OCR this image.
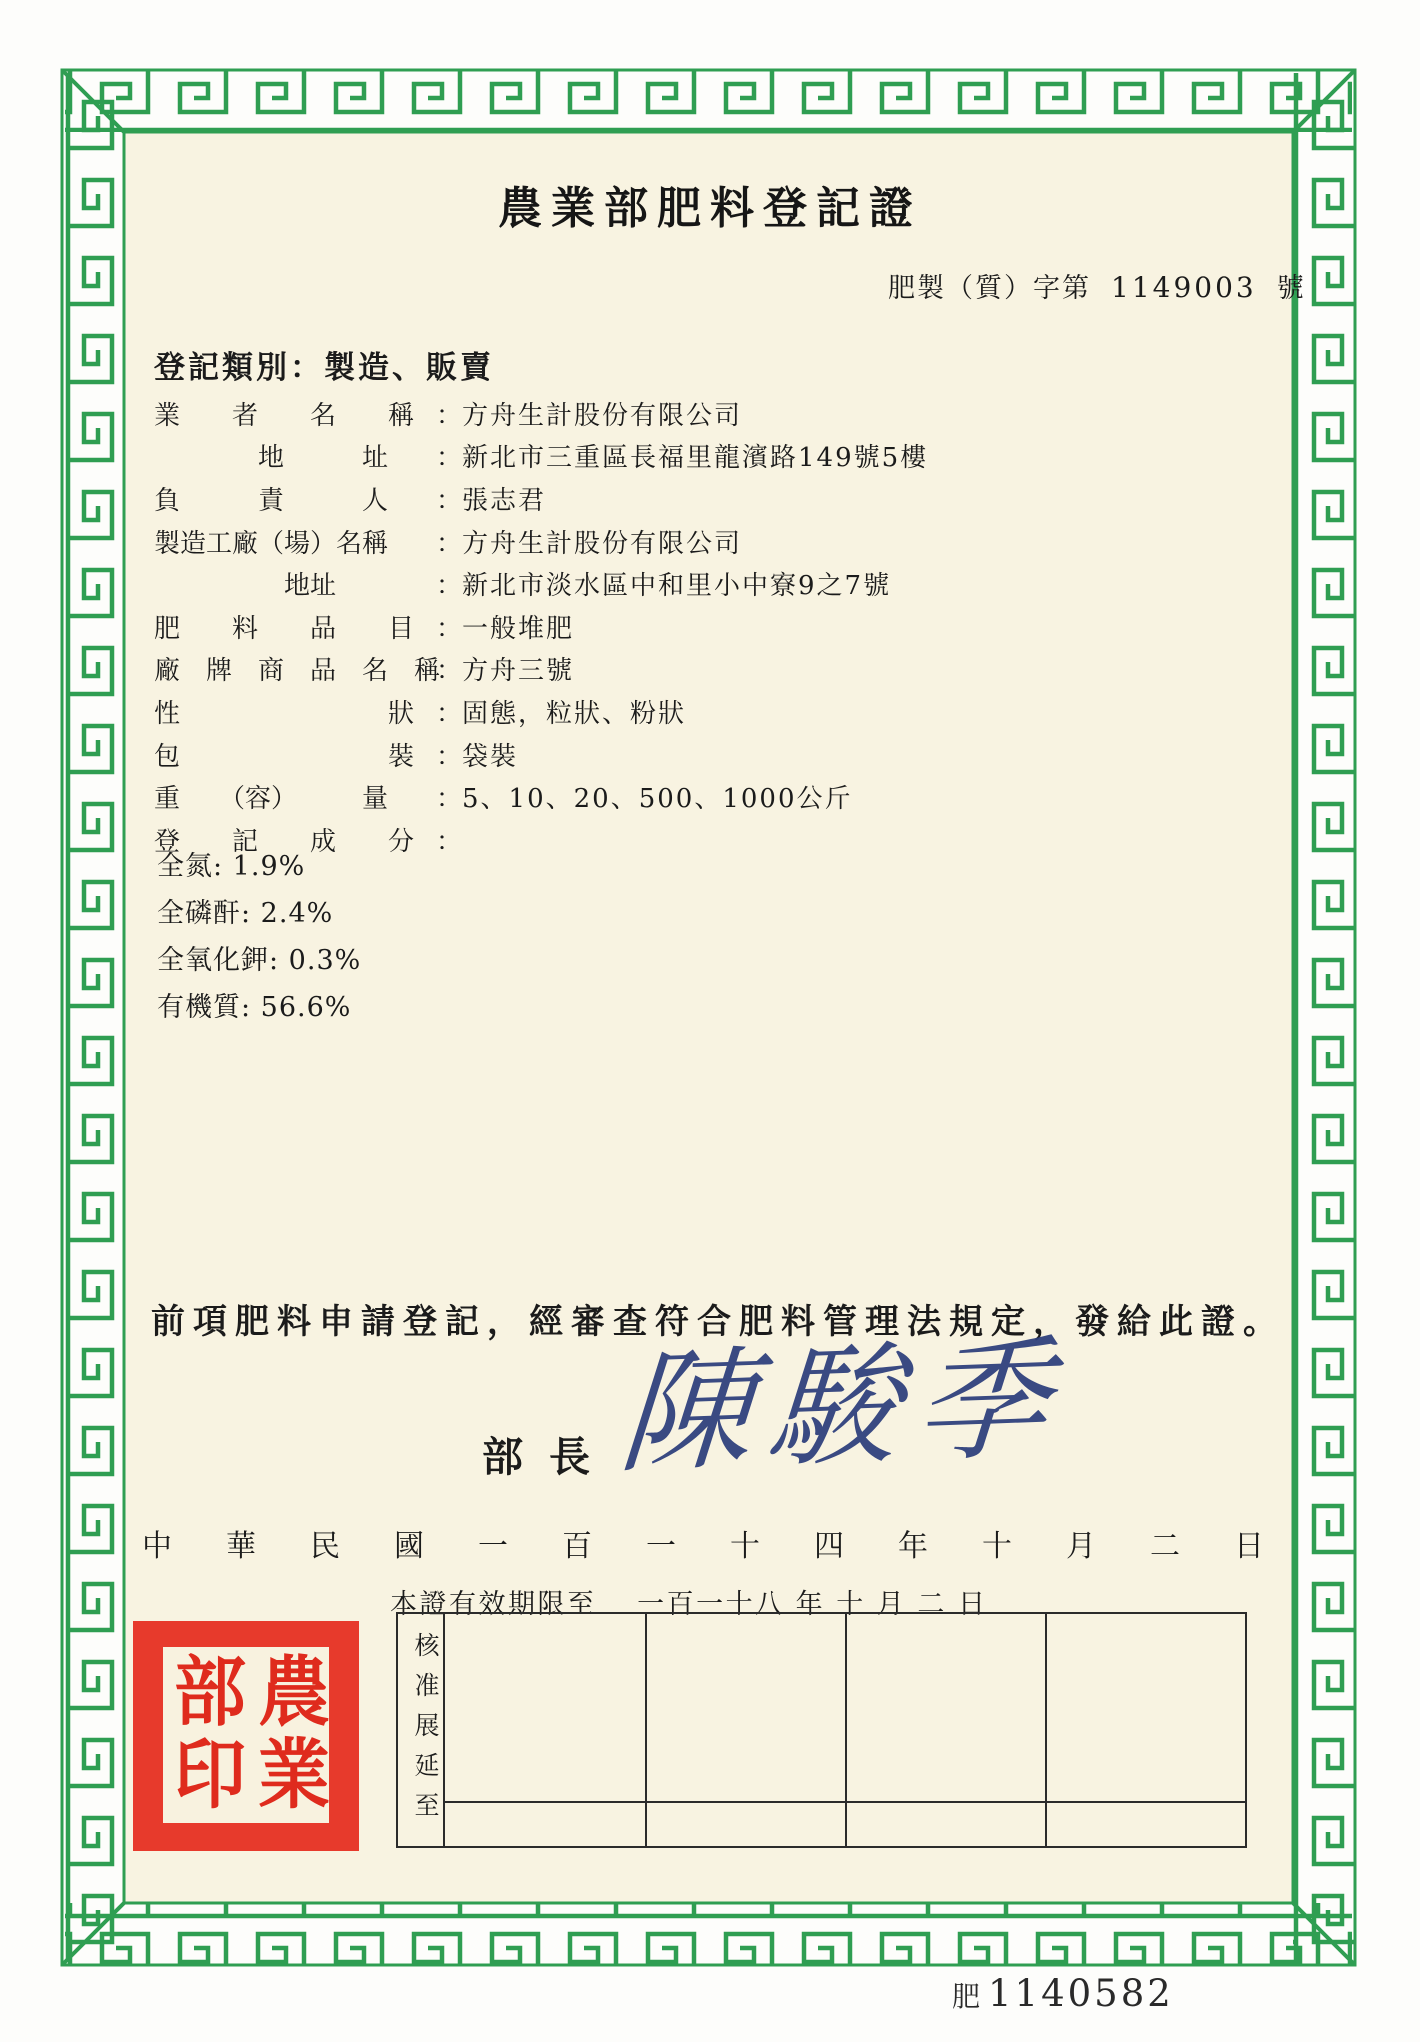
農業部肥料登記證
肥製（質）字第 1149003 號
登記類別：製造、販賣
業　　者　　名　　稱 ： 方舟生計股份有限公司
　　　　地　　　址	： 新北市三重區長福里龍濱路149號5樓
負　　　責　　　人	： 張志君
製造工廠（場）名稱	： 方舟生計股份有限公司
　　　　　地址	： 新北市淡水區中和里小中寮9之7號
肥　　料　　品　　目 ： 一般堆肥
廠　牌　商　品　名　稱
： 方舟三號
性　　　　　　　　狀 ： 固態，粒狀、粉狀
包　　　　　　　　裝 ： 袋裝
重　　（容）　　　量	： 5、10、20、500、1000公斤
登　　記　　成　　分 ：
全氮: 1.9%
全磷酐: 2.4%
全氧化鉀: 0.3%
有機質: 56.6%
前項肥料申請登記，經審查符合肥料管理法規定，發給此證。
部長
陳駿季
中 華 民 國 一 百 一 十 四 年 十 月 二 日
本證有效期限至　 一百一十八 年 十 月 二 日
核准展延至
農業部印
肥 1140582
